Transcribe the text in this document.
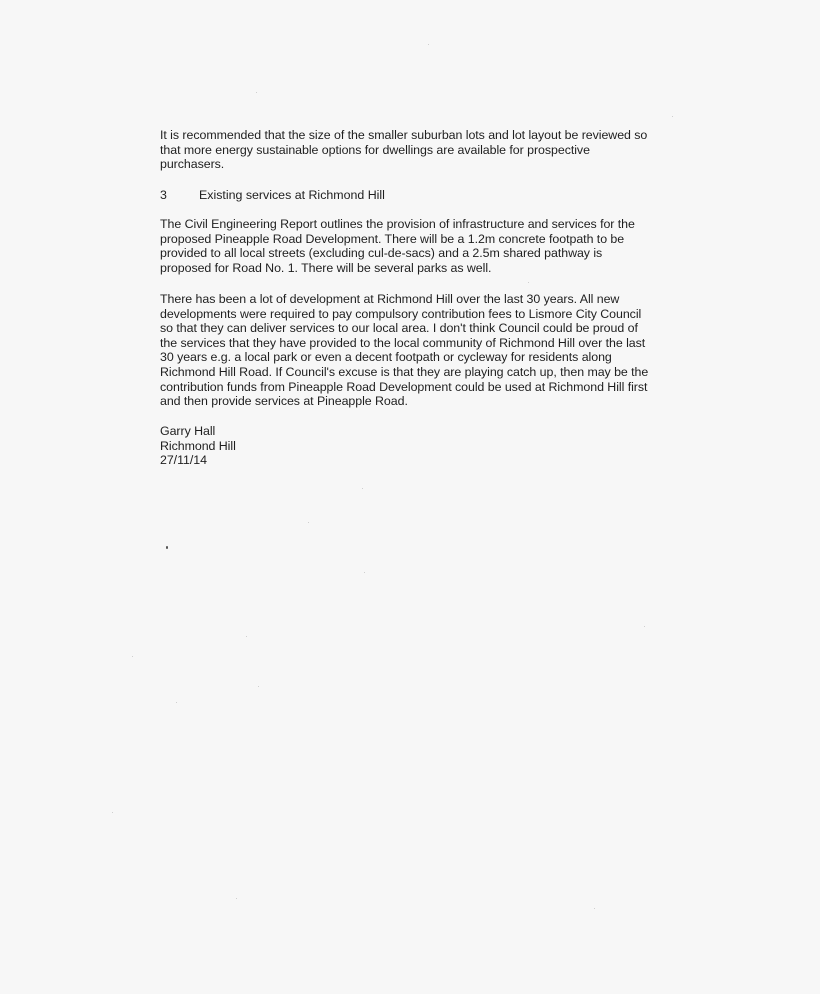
It is recommended that the size of the smaller suburban lots and lot layout be reviewed so that more energy sustainable options for dwellings are available for prospective purchasers.

3	Existing services at Richmond Hill

The Civil Engineering Report outlines the provision of infrastructure and services for the proposed Pineapple Road Development. There will be a 1.2m concrete footpath to be provided to all local streets (excluding cul-de-sacs) and a 2.5m shared pathway is proposed for Road No. 1. There will be several parks as well.

There has been a lot of development at Richmond Hill over the last 30 years. All new developments were required to pay compulsory contribution fees to Lismore City Council so that they can deliver services to our local area. I don't think Council could be proud of the services that they have provided to the local community of Richmond Hill over the last 30 years e.g. a local park or even a decent footpath or cycleway for residents along Richmond Hill Road. If Council's excuse is that they are playing catch up, then may be the contribution funds from Pineapple Road Development could be used at Richmond Hill first and then provide services at Pineapple Road.

Garry Hall
Richmond Hill
27/11/14
